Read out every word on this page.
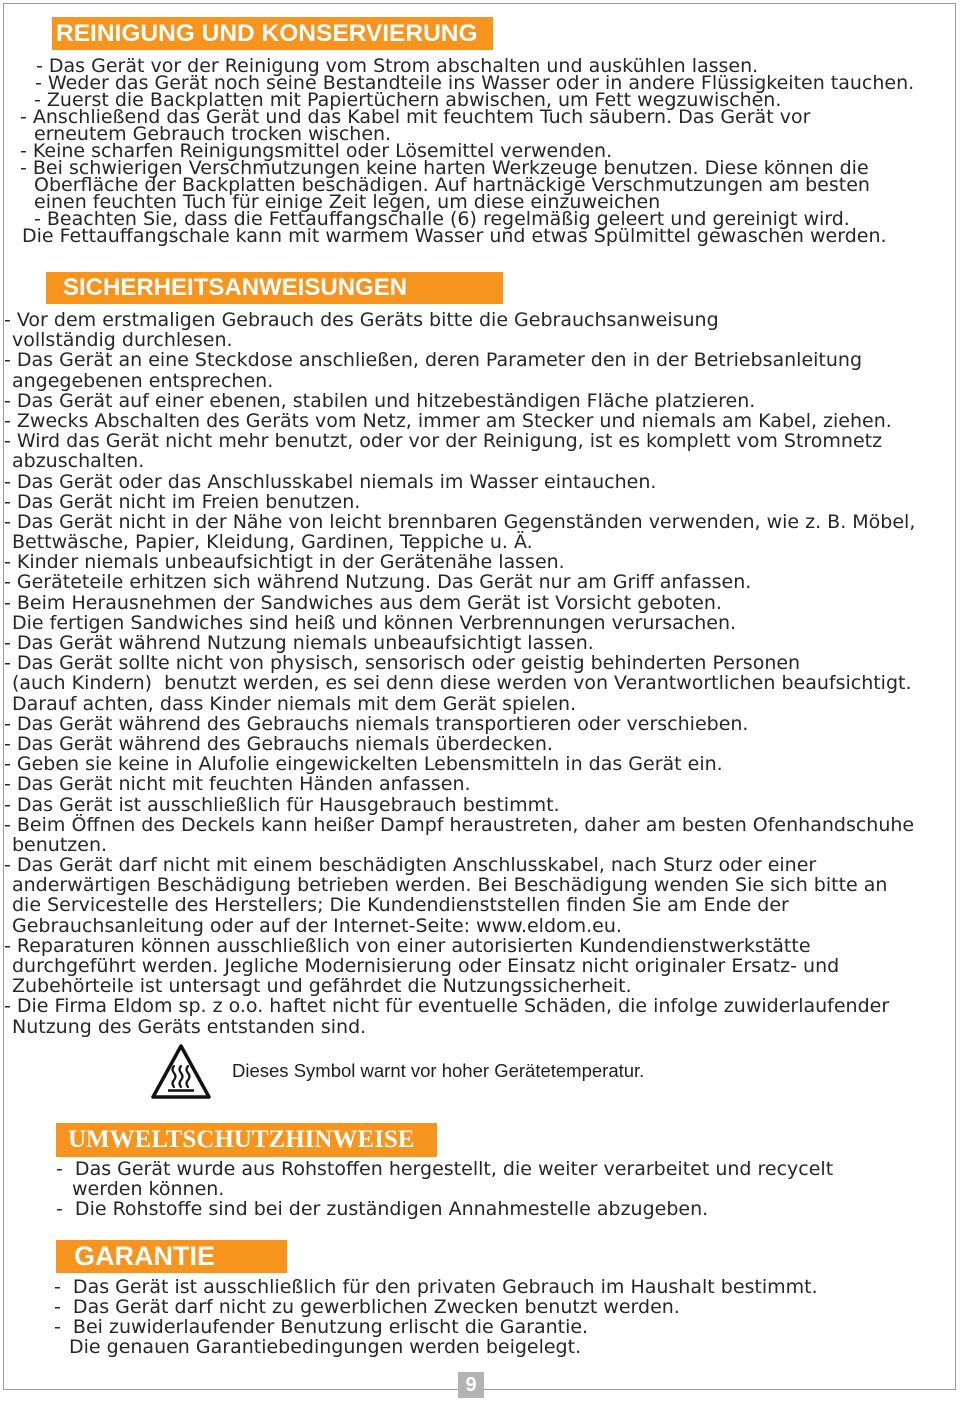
REINIGUNG UND KONSERVIERUNG
- Das Gerät vor der Reinigung vom Strom abschalten und auskühlen lassen.
- Weder das Gerät noch seine Bestandteile ins Wasser oder in andere Flüssigkeiten tauchen.
- Zuerst die Backplatten mit Papiertüchern abwischen, um Fett wegzuwischen.
- Anschließend das Gerät und das Kabel mit feuchtem Tuch säubern. Das Gerät vor
erneutem Gebrauch trocken wischen.
- Keine scharfen Reinigungsmittel oder Lösemittel verwenden.
- Bei schwierigen Verschmutzungen keine harten Werkzeuge benutzen. Diese können die
Oberfläche der Backplatten beschädigen. Auf hartnäckige Verschmutzungen am besten
einen feuchten Tuch für einige Zeit legen, um diese einzuweichen
- Beachten Sie, dass die Fettauffangschalle (6) regelmäßig geleert und gereinigt wird.
Die Fettauffangschale kann mit warmem Wasser und etwas Spülmittel gewaschen werden.
SICHERHEITSANWEISUNGEN
- Vor dem erstmaligen Gebrauch des Geräts bitte die Gebrauchsanweisung
vollständig durchlesen.
- Das Gerät an eine Steckdose anschließen, deren Parameter den in der Betriebsanleitung
angegebenen entsprechen.
- Das Gerät auf einer ebenen, stabilen und hitzebeständigen Fläche platzieren.
- Zwecks Abschalten des Geräts vom Netz, immer am Stecker und niemals am Kabel, ziehen.
- Wird das Gerät nicht mehr benutzt, oder vor der Reinigung, ist es komplett vom Stromnetz
abzuschalten.
- Das Gerät oder das Anschlusskabel niemals im Wasser eintauchen.
- Das Gerät nicht im Freien benutzen.
- Das Gerät nicht in der Nähe von leicht brennbaren Gegenständen verwenden, wie z. B. Möbel,
Bettwäsche, Papier, Kleidung, Gardinen, Teppiche u. Ä.
- Kinder niemals unbeaufsichtigt in der Gerätenähe lassen.
- Geräteteile erhitzen sich während Nutzung. Das Gerät nur am Griff anfassen.
- Beim Herausnehmen der Sandwiches aus dem Gerät ist Vorsicht geboten.
Die fertigen Sandwiches sind heiß und können Verbrennungen verursachen.
- Das Gerät während Nutzung niemals unbeaufsichtigt lassen.
- Das Gerät sollte nicht von physisch, sensorisch oder geistig behinderten Personen
(auch Kindern)  benutzt werden, es sei denn diese werden von Verantwortlichen beaufsichtigt.
Darauf achten, dass Kinder niemals mit dem Gerät spielen.
- Das Gerät während des Gebrauchs niemals transportieren oder verschieben.
- Das Gerät während des Gebrauchs niemals überdecken.
- Geben sie keine in Alufolie eingewickelten Lebensmitteln in das Gerät ein.
- Das Gerät nicht mit feuchten Händen anfassen.
- Das Gerät ist ausschließlich für Hausgebrauch bestimmt.
- Beim Öffnen des Deckels kann heißer Dampf heraustreten, daher am besten Ofenhandschuhe
benutzen.
- Das Gerät darf nicht mit einem beschädigten Anschlusskabel, nach Sturz oder einer
anderwärtigen Beschädigung betrieben werden. Bei Beschädigung wenden Sie sich bitte an
die Servicestelle des Herstellers; Die Kundendienststellen finden Sie am Ende der
Gebrauchsanleitung oder auf der Internet-Seite: www.eldom.eu.
- Reparaturen können ausschließlich von einer autorisierten Kundendienstwerkstätte
durchgeführt werden. Jegliche Modernisierung oder Einsatz nicht originaler Ersatz- und
Zubehörteile ist untersagt und gefährdet die Nutzungssicherheit.
- Die Firma Eldom sp. z o.o. haftet nicht für eventuelle Schäden, die infolge zuwiderlaufender
Nutzung des Geräts entstanden sind.
Dieses Symbol warnt vor hoher Gerätetemperatur.
UMWELTSCHUTZHINWEISE
-  Das Gerät wurde aus Rohstoffen hergestellt, die weiter verarbeitet und recycelt
werden können.
-  Die Rohstoffe sind bei der zuständigen Annahmestelle abzugeben.
GARANTIE
-  Das Gerät ist ausschließlich für den privaten Gebrauch im Haushalt bestimmt.
-  Das Gerät darf nicht zu gewerblichen Zwecken benutzt werden.
-  Bei zuwiderlaufender Benutzung erlischt die Garantie.
Die genauen Garantiebedingungen werden beigelegt.
9
